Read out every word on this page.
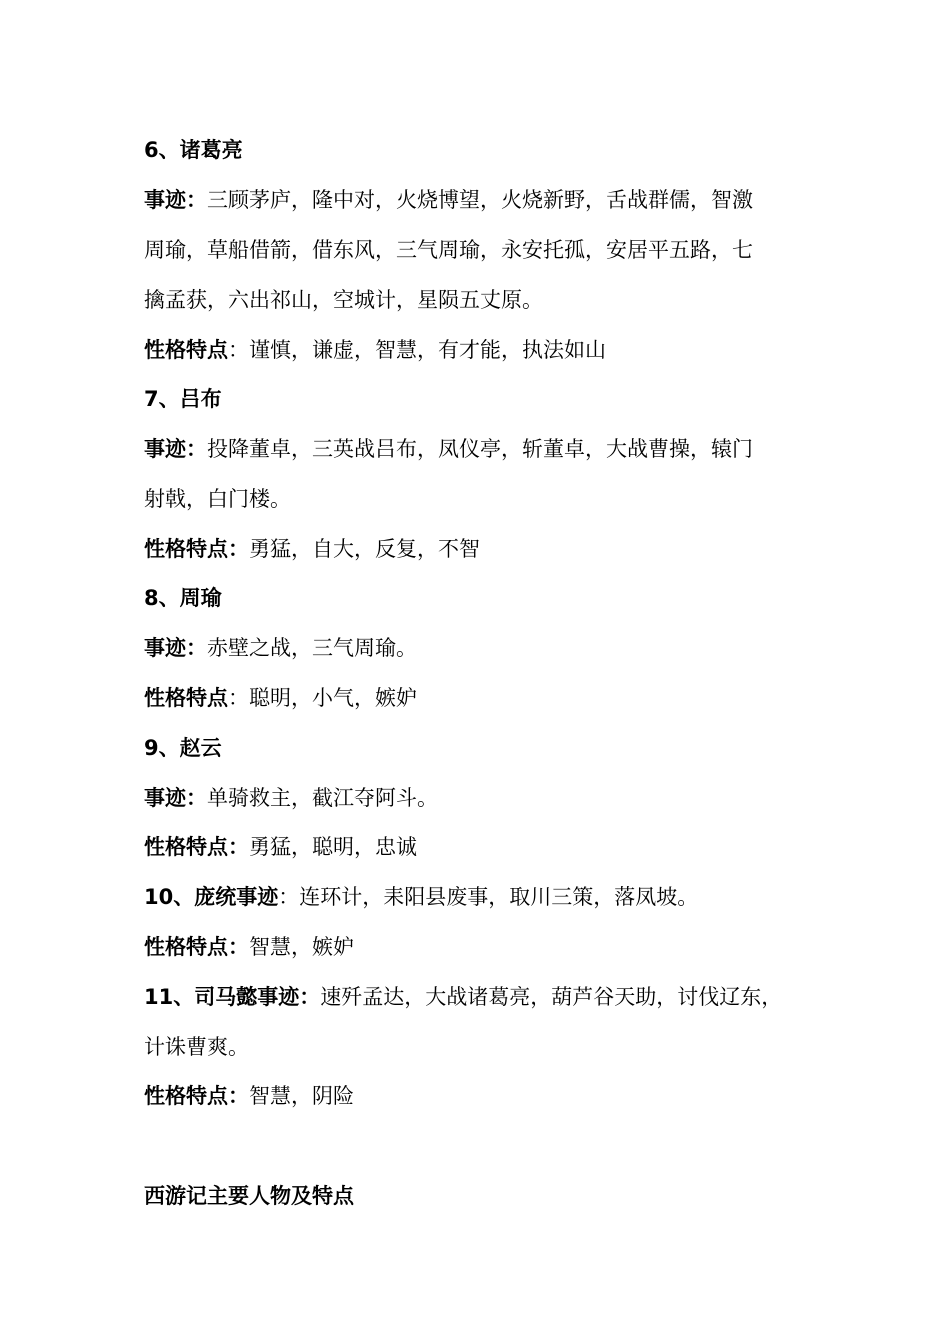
6、诸葛亮
事迹：三顾茅庐，隆中对，火烧博望，火烧新野，舌战群儒，智激
周瑜，草船借箭，借东风，三气周瑜，永安托孤，安居平五路，七
擒孟获，六出祁山，空城计，星陨五丈原。
性格特点：谨慎，谦虚，智慧，有才能，执法如山
7、吕布
事迹：投降董卓，三英战吕布，凤仪亭，斩董卓，大战曹操，辕门
射戟，白门楼。
性格特点：勇猛，自大，反复，不智
8、周瑜
事迹：赤壁之战，三气周瑜。
性格特点：聪明，小气，嫉妒
9、赵云
事迹：单骑救主，截江夺阿斗。
性格特点：勇猛，聪明，忠诚
10、庞统事迹：连环计，耒阳县废事，取川三策，落凤坡。
性格特点：智慧，嫉妒
11、司马懿事迹：速歼孟达，大战诸葛亮，葫芦谷天助，讨伐辽东，
计诛曹爽。
性格特点：智慧，阴险
西游记主要人物及特点
